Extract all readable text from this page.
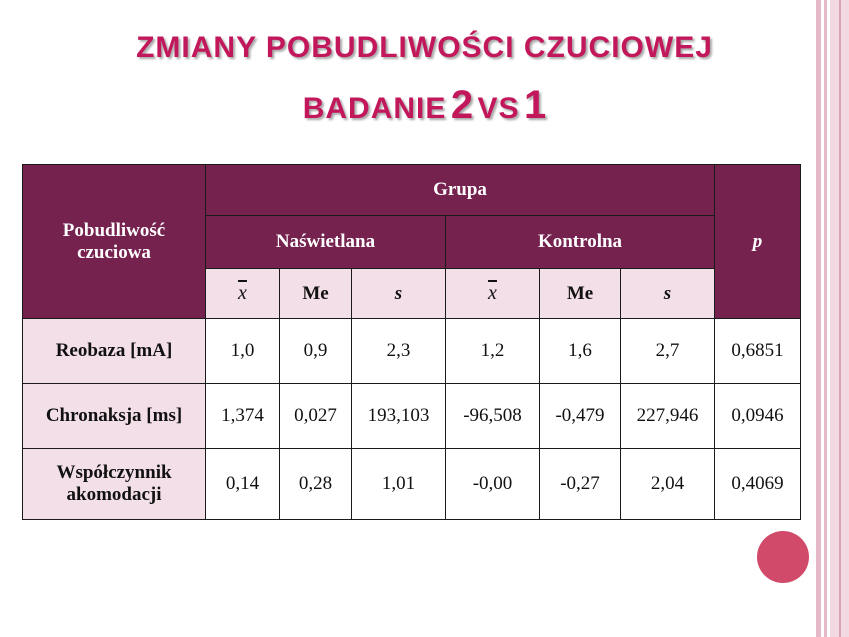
ZMIANY POBUDLIWOŚCI CZUCIOWEJ
BADANIE 2 VS 1
Pobudliwość czuciowa	Grupa						p
	Naświetlana			Kontrolna			
	$\overline{x}$	Me	s	$\overline{x}$	Me	s	
Reobaza [mA]	1,0	0,9	2,3	1,2	1,6	2,7	0,6851
Chronaksja [ms]	1,374	0,027	193,103	-96,508	-0,479	227,946	0,0946

Współczynnik akomodacji	0,14	0,28	1,01	-0,00	-0,27	2,04	0,4069
